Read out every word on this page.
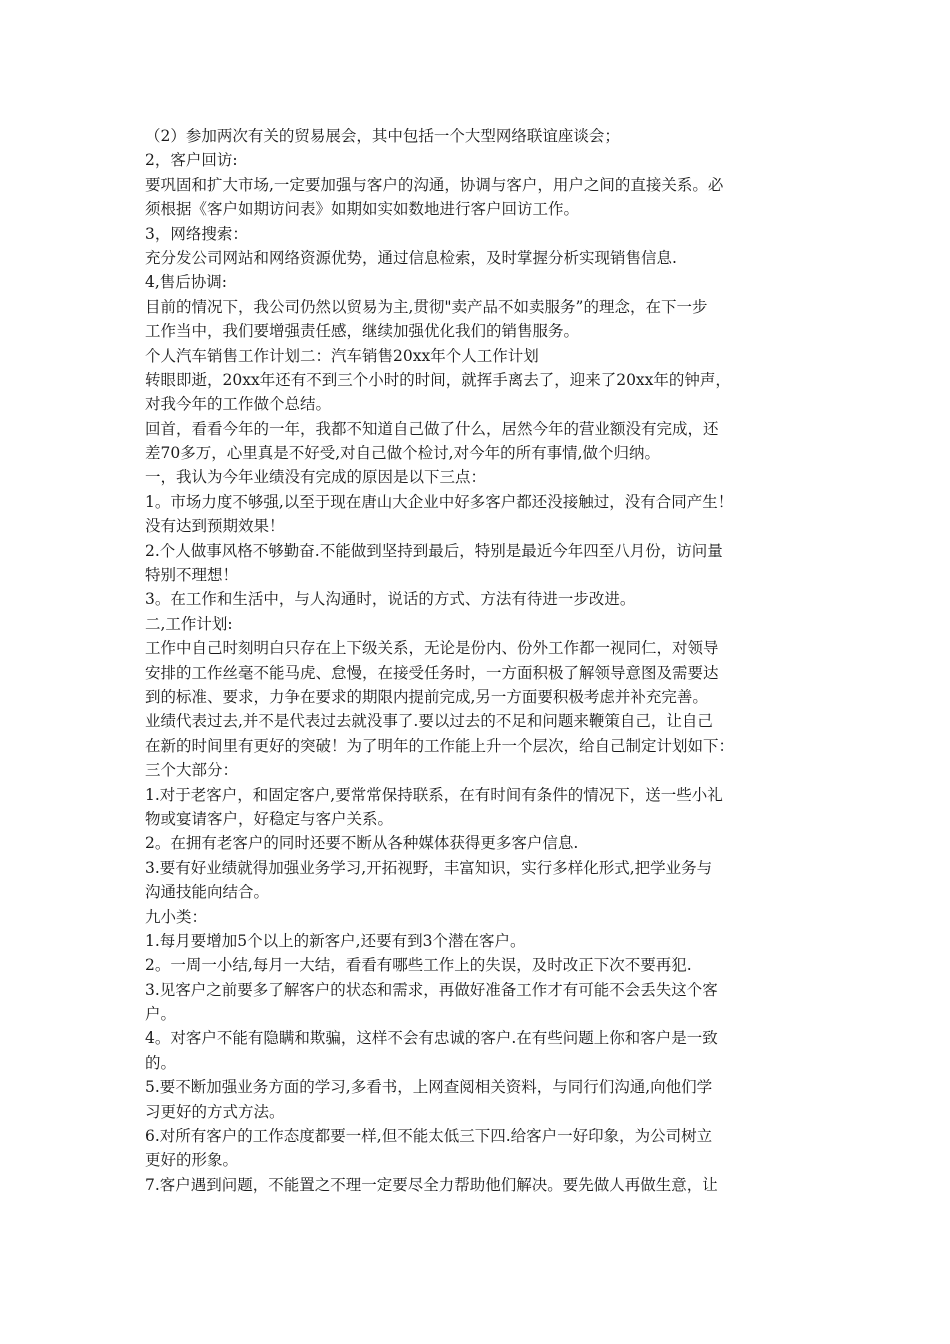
（2）参加两次有关的贸易展会，其中包括一个大型网络联谊座谈会；
2，客户回访:
要巩固和扩大市场,一定要加强与客户的沟通，协调与客户，用户之间的直接关系。必
须根据《客户如期访问表》如期如实如数地进行客户回访工作。
3，网络搜索：
充分发公司网站和网络资源优势，通过信息检索，及时掌握分析实现销售信息.
4,售后协调:
目前的情况下，我公司仍然以贸易为主,贯彻"卖产品不如卖服务”的理念，在下一步
工作当中，我们要增强责任感，继续加强优化我们的销售服务。
个人汽车销售工作计划二：汽车销售20xx年个人工作计划
转眼即逝，20xx年还有不到三个小时的时间，就挥手离去了，迎来了20xx年的钟声，
对我今年的工作做个总结。
回首，看看今年的一年，我都不知道自己做了什么，居然今年的营业额没有完成，还
差70多万，心里真是不好受,对自己做个检讨,对今年的所有事情,做个归纳。
一，我认为今年业绩没有完成的原因是以下三点：
1。市场力度不够强,以至于现在唐山大企业中好多客户都还没接触过，没有合同产生！
没有达到预期效果！
2.个人做事风格不够勤奋.不能做到坚持到最后，特别是最近今年四至八月份，访问量
特别不理想！
3。在工作和生活中，与人沟通时，说话的方式、方法有待进一步改进。
二,工作计划:
工作中自己时刻明白只存在上下级关系，无论是份内、份外工作都一视同仁，对领导
安排的工作丝毫不能马虎、怠慢，在接受任务时，一方面积极了解领导意图及需要达
到的标准、要求，力争在要求的期限内提前完成,另一方面要积极考虑并补充完善。
业绩代表过去,并不是代表过去就没事了.要以过去的不足和问题来鞭策自己，让自己
在新的时间里有更好的突破！为了明年的工作能上升一个层次，给自己制定计划如下：
三个大部分：
1.对于老客户，和固定客户,要常常保持联系，在有时间有条件的情况下，送一些小礼
物或宴请客户，好稳定与客户关系。
2。在拥有老客户的同时还要不断从各种媒体获得更多客户信息.
3.要有好业绩就得加强业务学习,开拓视野，丰富知识，实行多样化形式,把学业务与
沟通技能向结合。
九小类：
1.每月要增加5个以上的新客户,还要有到3个潜在客户。
2。一周一小结,每月一大结，看看有哪些工作上的失误，及时改正下次不要再犯.
3.见客户之前要多了解客户的状态和需求，再做好准备工作才有可能不会丢失这个客
户。
4。对客户不能有隐瞒和欺骗，这样不会有忠诚的客户.在有些问题上你和客户是一致
的。
5.要不断加强业务方面的学习,多看书，上网查阅相关资料，与同行们沟通,向他们学
习更好的方式方法。
6.对所有客户的工作态度都要一样,但不能太低三下四.给客户一好印象，为公司树立
更好的形象。
7.客户遇到问题，不能置之不理一定要尽全力帮助他们解决。要先做人再做生意，让
